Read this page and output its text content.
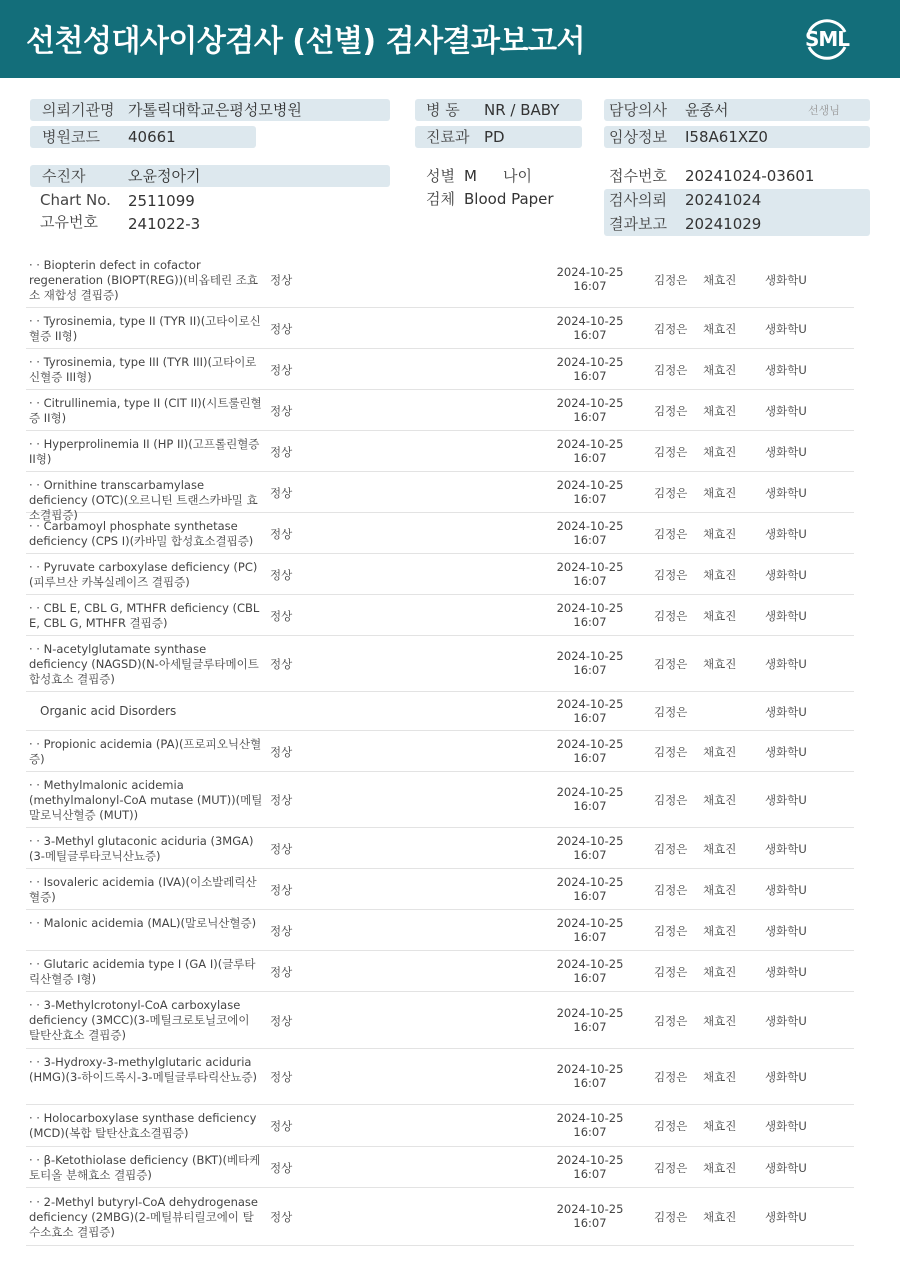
선천성대사이상검사 (선별) 검사결과보고서	SML
의뢰기관명 가톨릭대학교은평성모병원	병 동 NR / BABY	담당의사 윤종서	선생님
병원코드 40661	진료과 PD	임상정보 I58A61XZ0
수진자	오윤정아기
Chart No. 2511099
고유번호 241022-3
성별 M 나이
검체 Blood Paper
접수번호 20241024-03601
검사의뢰 20241024
결과보고 20241029
· · Biopterin defect in cofactor regeneration (BIOPT(REG))(비옵테린 조효소 재합성 결핍증)
정상
2024-10-25
16:07	김정은 채효진 생화학U
· · Tyrosinemia, type II (TYR II)(고타이로신혈증 II형)	정상
2024-10-25
16:07	김정은 채효진 생화학U
· · Tyrosinemia, type III (TYR III)(고타이로신혈증 III형)	정상
2024-10-25
16:07	김정은 채효진 생화학U
· · Citrullinemia, type II (CIT II)(시트룰린혈증 II형)	정상
2024-10-25
16:07	김정은 채효진 생화학U
· · Hyperprolinemia II (HP II)(고프롤린혈증 II형)	정상
2024-10-25
16:07	김정은 채효진 생화학U
· · Ornithine transcarbamylase deficiency (OTC)(오르니틴 트랜스카바밀 효소결핍증)
정상
2024-10-25
16:07	김정은 채효진 생화학U
· · Carbamoyl phosphate synthetase deficiency (CPS I)(카바밀 합성효소결핍증)	정상
2024-10-25
16:07	김정은 채효진 생화학U
· · Pyruvate carboxylase deficiency (PC)(피루브산 카복실레이즈 결핍증)	정상
2024-10-25
16:07	김정은 채효진 생화학U
· · CBL E, CBL G, MTHFR deficiency (CBL E, CBL G, MTHFR 결핍증)	정상
2024-10-25
16:07	김정은 채효진 생화학U
· · N-acetylglutamate synthase deficiency (NAGSD)(N-아세틸글루타메이트 합성효소 결핍증)
정상
2024-10-25
16:07	김정은 채효진 생화학U
Organic acid Disorders
2024-10-25
16:07	김정은	생화학U
· · Propionic acidemia (PA)(프로피오닉산혈증)	정상
2024-10-25
16:07	김정은 채효진 생화학U
· · Methylmalonic acidemia (methylmalonyl-CoA mutase (MUT))(메틸말로닉산혈증 (MUT))
정상
2024-10-25
16:07	김정은 채효진 생화학U
· · 3-Methyl glutaconic aciduria (3MGA)(3-메틸글루타코닉산뇨증)	정상
2024-10-25
16:07	김정은 채효진 생화학U
· · Isovaleric acidemia (IVA)(이소발레릭산혈증)	정상
2024-10-25
16:07	김정은 채효진 생화학U
· · Malonic acidemia (MAL)(말로닉산혈증)
정상
2024-10-25
16:07	김정은 채효진 생화학U
· · Glutaric acidemia type I (GA I)(글루타릭산혈증 I형)	정상
2024-10-25
16:07	김정은 채효진 생화학U
· · 3-Methylcrotonyl-CoA carboxylase deficiency (3MCC)(3-메틸크로토닐코에이 탈탄산효소 결핍증)
정상
2024-10-25
16:07	김정은 채효진 생화학U
· · 3-Hydroxy-3-methylglutaric aciduria (HMG)(3-하이드록시-3-메틸글루타릭산뇨증)	정상
2024-10-25
16:07	김정은 채효진 생화학U
· · Holocarboxylase synthase deficiency (MCD)(복합 탈탄산효소결핍증)	정상
2024-10-25
16:07	김정은 채효진 생화학U
· · β-Ketothiolase deficiency (BKT)(베타케토티올 분해효소 결핍증)	정상
2024-10-25
16:07	김정은 채효진 생화학U
· · 2-Methyl butyryl-CoA dehydrogenase deficiency (2MBG)(2-메틸뷰티릴코에이 탈수소효소 결핍증)
정상
2024-10-25
16:07	김정은 채효진 생화학U
